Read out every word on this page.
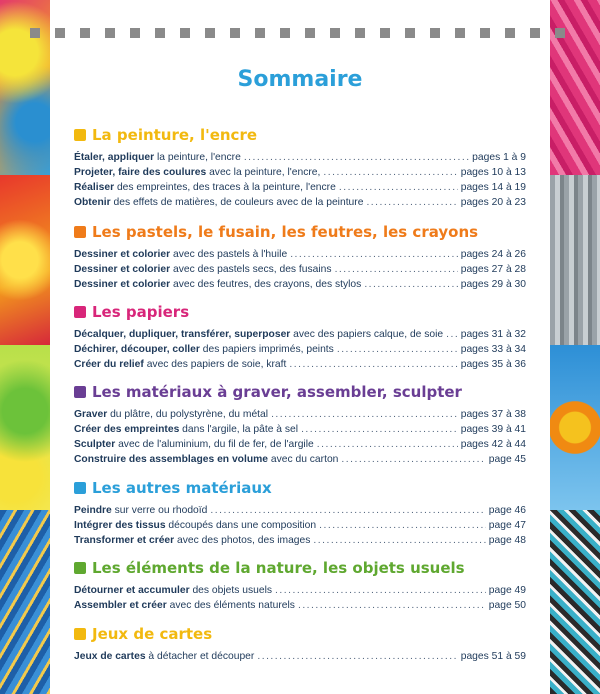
Sommaire
La peinture, l'encre
Étaler, appliquer la peinture, l'encre .....	pages 1 à 9
Projeter, faire des coulures avec la peinture, l'encre, .....	pages 10 à 13
Réaliser des empreintes, des traces à la peinture, l'encre .....	pages 14 à 19
Obtenir des effets de matières, de couleurs avec de la peinture .....	pages 20 à 23
Les pastels, le fusain, les feutres, les crayons
Dessiner et colorier avec des pastels à l'huile .....	pages 24 à 26
Dessiner et colorier avec des pastels secs, des fusains .....	pages 27 à 28
Dessiner et colorier avec des feutres, des crayons, des stylos .....	pages 29 à 30
Les papiers
Décalquer, dupliquer, transférer, superposer avec des papiers calque, de soie ..... pages 31 à 32
Déchirer, découper, coller des papiers imprimés, peints .....	pages 33 à 34
Créer du relief avec des papiers de soie, kraft .....	pages 35 à 36
Les matériaux à graver, assembler, sculpter
Graver du plâtre, du polystyrène, du métal .....	pages 37 à 38
Créer des empreintes dans l'argile, la pâte à sel .....	pages 39 à 41
Sculpter avec de l'aluminium, du fil de fer, de l'argile .....	pages 42 à 44
Construire des assemblages en volume avec du carton .....	page 45
Les autres matériaux
Peindre sur verre ou rhodoïd .....	page 46
Intégrer des tissus découpés dans une composition .....	page 47
Transformer et créer avec des photos, des images .....	page 48
Les éléments de la nature, les objets usuels
Détourner et accumuler des objets usuels .....	page 49
Assembler et créer avec des éléments naturels .....	page 50
Jeux de cartes
Jeux de cartes à détacher et découper .....	pages 51 à 59
